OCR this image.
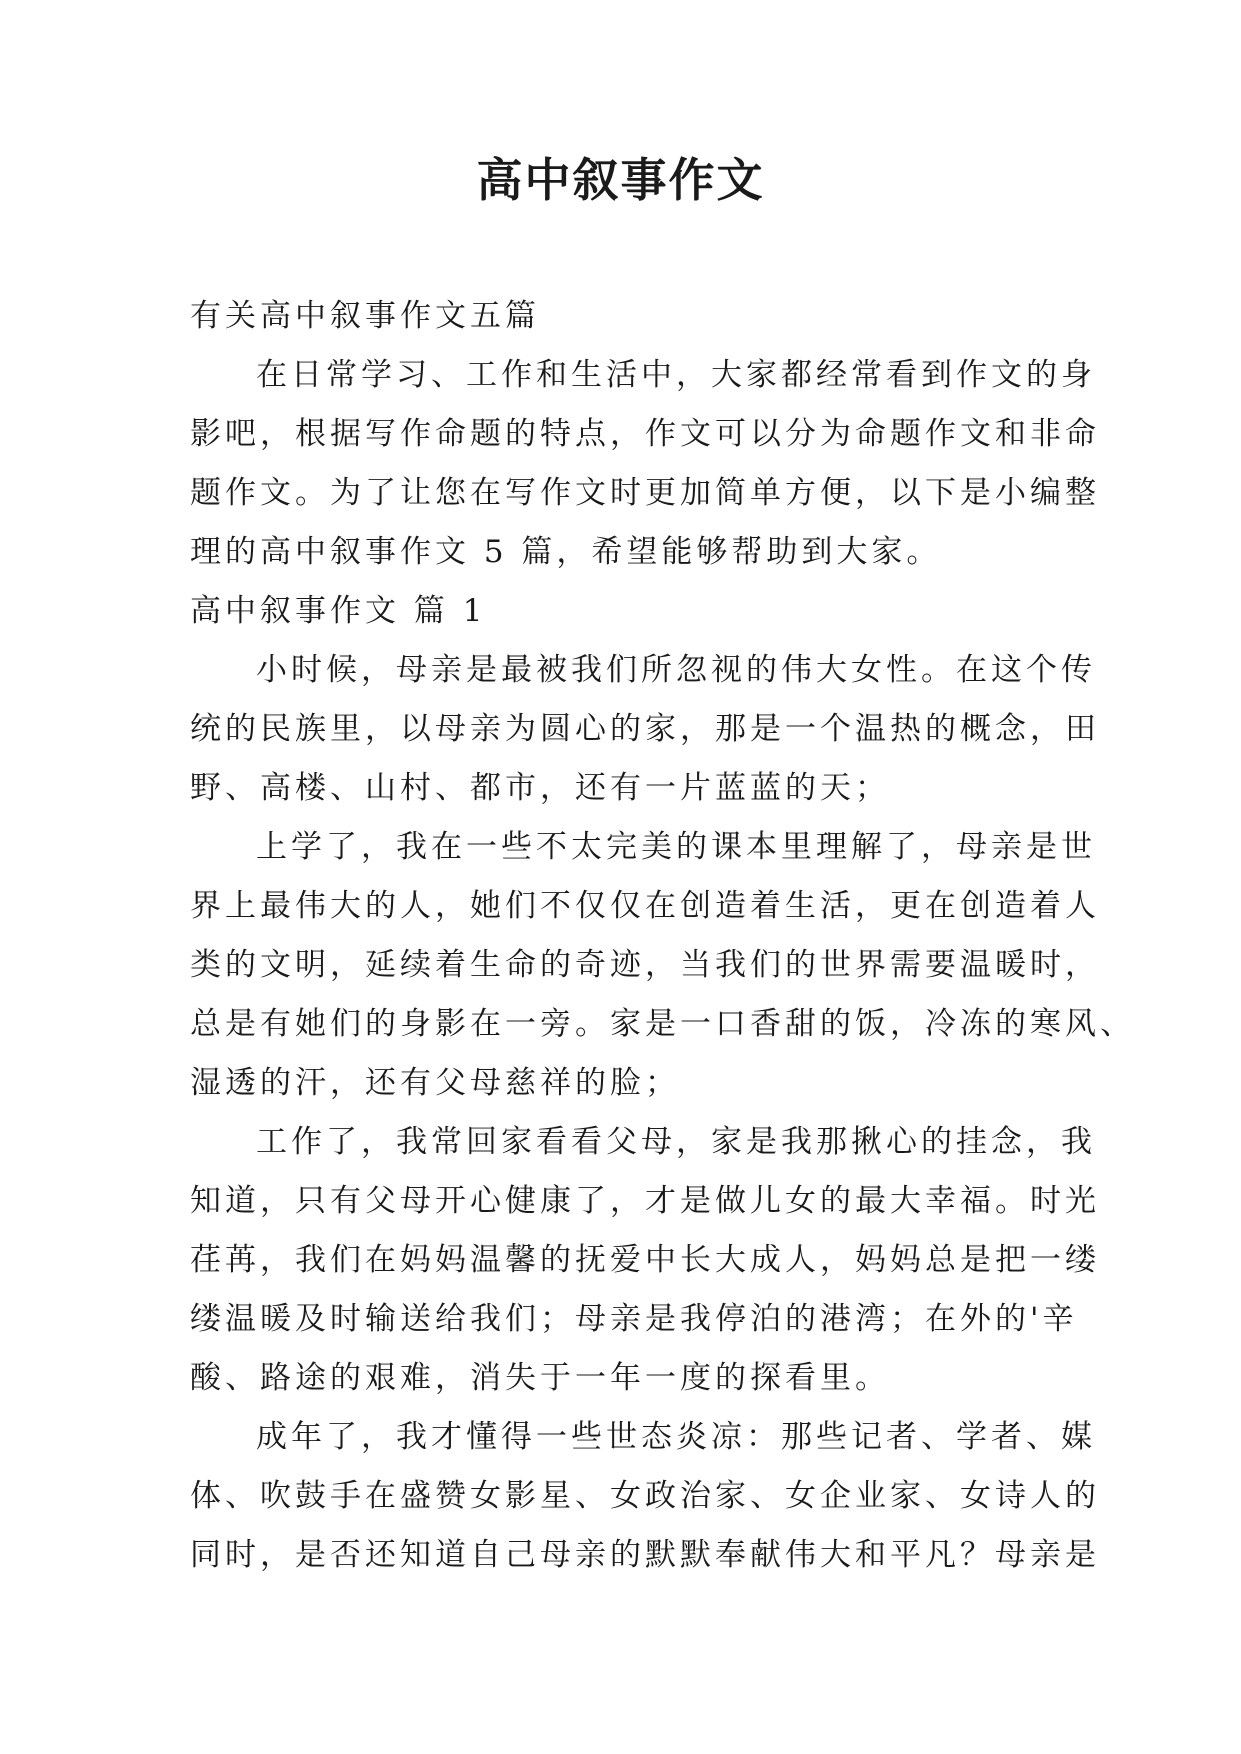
高中叙事作文
有关高中叙事作文五篇
在日常学习、工作和生活中，大家都经常看到作文的身
影吧，根据写作命题的特点，作文可以分为命题作文和非命
题作文。为了让您在写作文时更加简单方便，以下是小编整
理的高中叙事作文 5 篇，希望能够帮助到大家。
高中叙事作文 篇 1
小时候，母亲是最被我们所忽视的伟大女性。在这个传
统的民族里，以母亲为圆心的家，那是一个温热的概念，田
野、高楼、山村、都市，还有一片蓝蓝的天；
上学了，我在一些不太完美的课本里理解了，母亲是世
界上最伟大的人，她们不仅仅在创造着生活，更在创造着人
类的文明，延续着生命的奇迹，当我们的世界需要温暖时，
总是有她们的身影在一旁。家是一口香甜的饭，冷冻的寒风、
湿透的汗，还有父母慈祥的脸；
工作了，我常回家看看父母，家是我那揪心的挂念，我
知道，只有父母开心健康了，才是做儿女的最大幸福。时光
荏苒，我们在妈妈温馨的抚爱中长大成人，妈妈总是把一缕
缕温暖及时输送给我们；母亲是我停泊的港湾；在外的'辛
酸、路途的艰难，消失于一年一度的探看里。
成年了，我才懂得一些世态炎凉：那些记者、学者、媒
体、吹鼓手在盛赞女影星、女政治家、女企业家、女诗人的
同时，是否还知道自己母亲的默默奉献伟大和平凡？母亲是
